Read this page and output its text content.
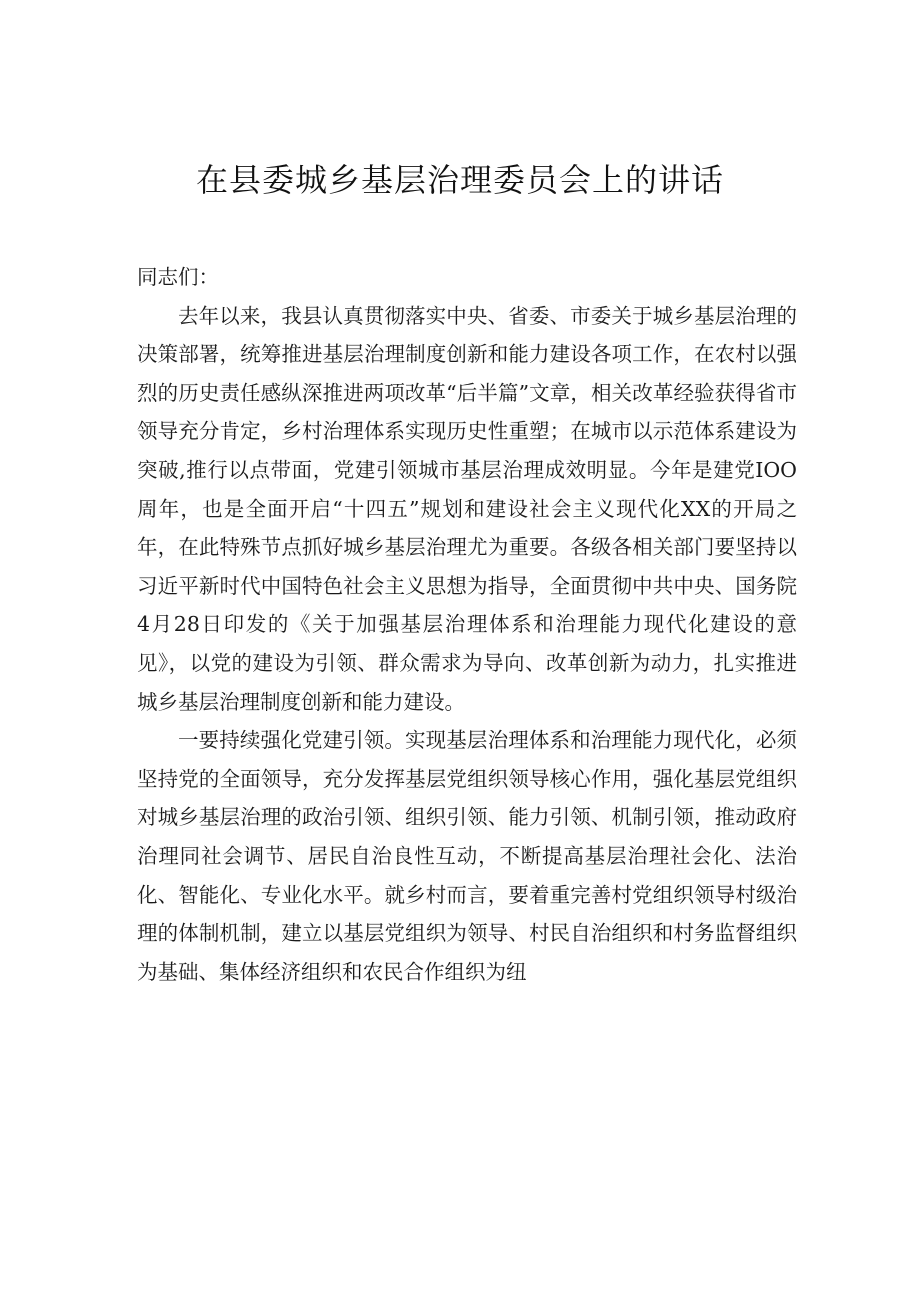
在县委城乡基层治理委员会上的讲话

同志们：

去年以来，我县认真贯彻落实中央、省委、市委关于城乡基层治理的决策部署，统筹推进基层治理制度创新和能力建设各项工作，在农村以强烈的历史责任感纵深推进两项改革“后半篇”文章，相关改革经验获得省市领导充分肯定，乡村治理体系实现历史性重塑；在城市以示范体系建设为突破,推行以点带面，党建引领城市基层治理成效明显。今年是建党IOO周年，也是全面开启“十四五”规划和建设社会主义现代化XX的开局之年，在此特殊节点抓好城乡基层治理尤为重要。各级各相关部门要坚持以习近平新时代中国特色社会主义思想为指导，全面贯彻中共中央、国务院4月28日印发的《关于加强基层治理体系和治理能力现代化建设的意见》，以党的建设为引领、群众需求为导向、改革创新为动力，扎实推进城乡基层治理制度创新和能力建设。

一要持续强化党建引领。实现基层治理体系和治理能力现代化，必须坚持党的全面领导，充分发挥基层党组织领导核心作用，强化基层党组织对城乡基层治理的政治引领、组织引领、能力引领、机制引领，推动政府治理同社会调节、居民自治良性互动，不断提高基层治理社会化、法治化、智能化、专业化水平。就乡村而言，要着重完善村党组织领导村级治理的体制机制，建立以基层党组织为领导、村民自治组织和村务监督组织为基础、集体经济组织和农民合作组织为纽
